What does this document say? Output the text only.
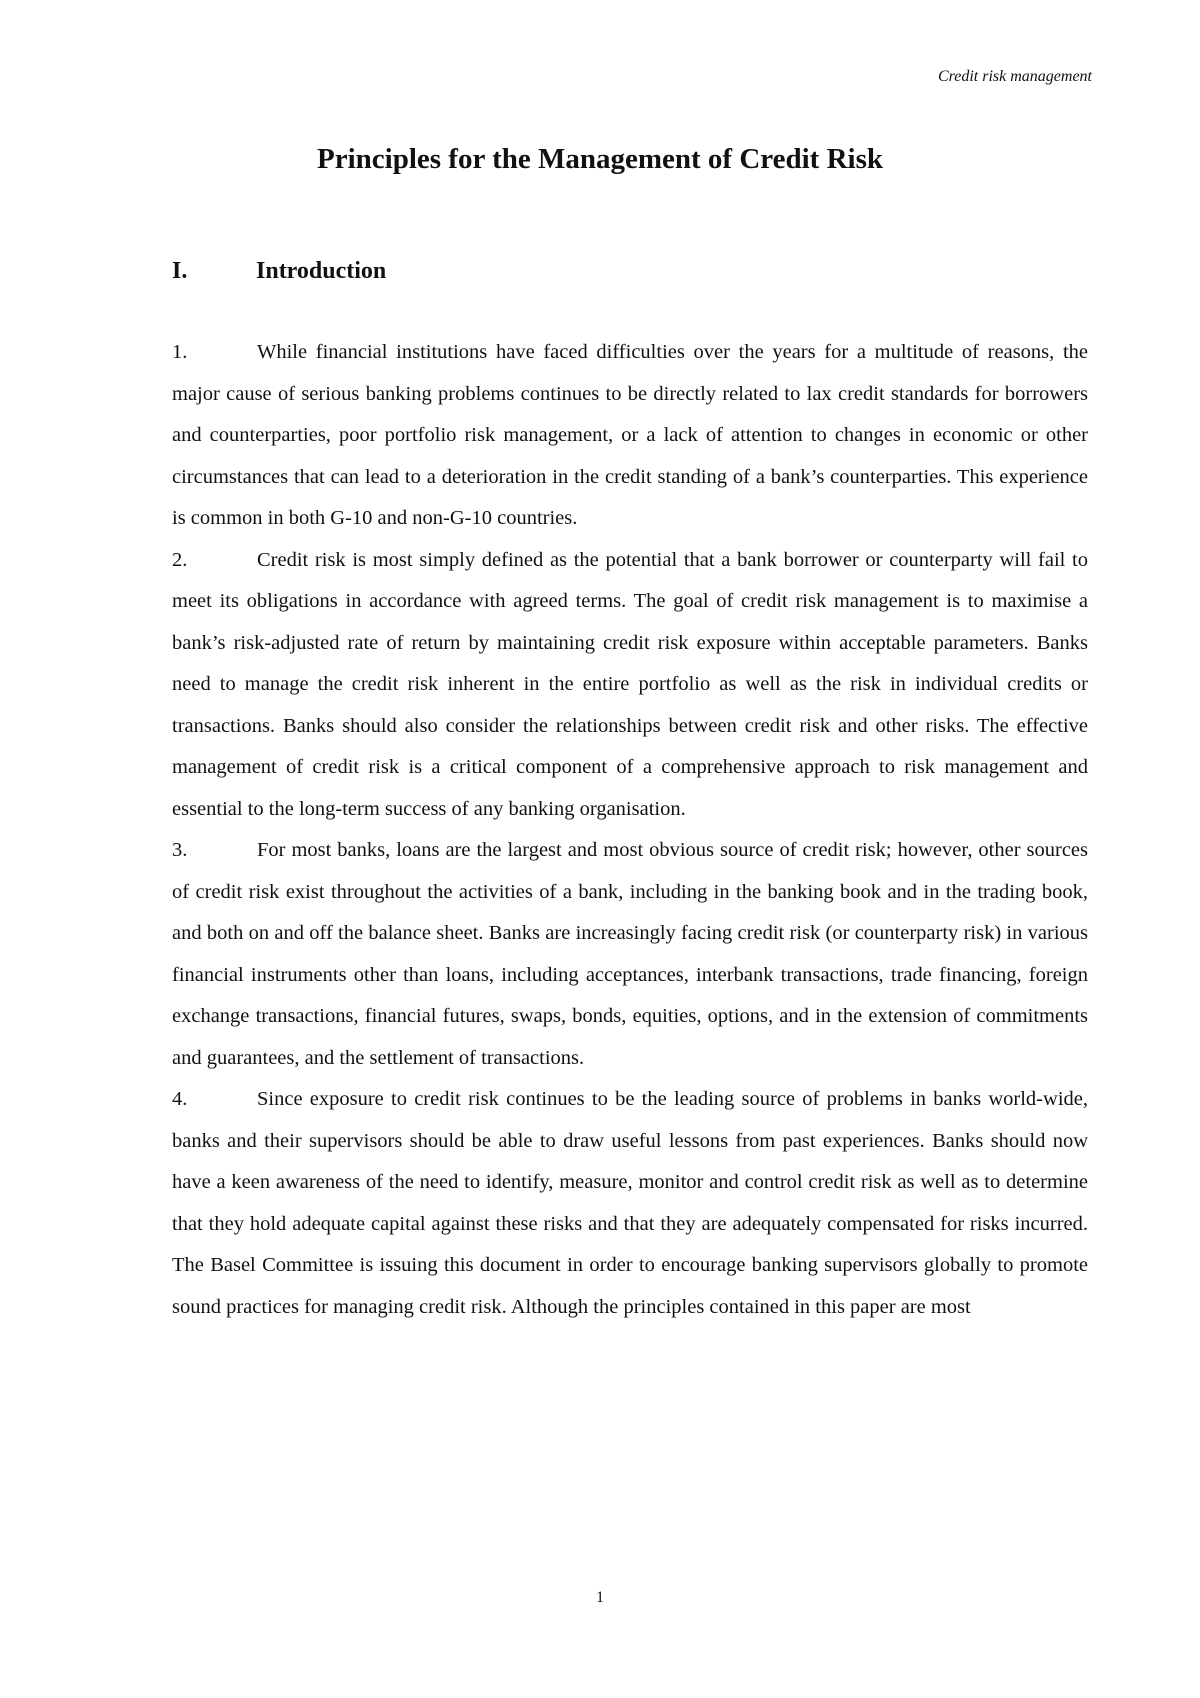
Credit risk management
Principles for the Management of Credit Risk
I.	Introduction

1.	While financial institutions have faced difficulties over the years for a multitude of reasons, the major cause of serious banking problems continues to be directly related to lax credit standards for borrowers and counterparties, poor portfolio risk management, or a lack of attention to changes in economic or other circumstances that can lead to a deterioration in the credit standing of a bank’s counterparties. This experience is common in both G-10 and non-G-10 countries.

2.	Credit risk is most simply defined as the potential that a bank borrower or counterparty will fail to meet its obligations in accordance with agreed terms. The goal of credit risk management is to maximise a bank’s risk-adjusted rate of return by maintaining credit risk exposure within acceptable parameters. Banks need to manage the credit risk inherent in the entire portfolio as well as the risk in individual credits or transactions. Banks should also consider the relationships between credit risk and other risks. The effective management of credit risk is a critical component of a comprehensive approach to risk management and essential to the long-term success of any banking organisation.

3.	For most banks, loans are the largest and most obvious source of credit risk; however, other sources of credit risk exist throughout the activities of a bank, including in the banking book and in the trading book, and both on and off the balance sheet. Banks are increasingly facing credit risk (or counterparty risk) in various financial instruments other than loans, including acceptances, interbank transactions, trade financing, foreign exchange transactions, financial futures, swaps, bonds, equities, options, and in the extension of commitments and guarantees, and the settlement of transactions.

4.	Since exposure to credit risk continues to be the leading source of problems in banks world-wide, banks and their supervisors should be able to draw useful lessons from past experiences. Banks should now have a keen awareness of the need to identify, measure, monitor and control credit risk as well as to determine that they hold adequate capital against these risks and that they are adequately compensated for risks incurred. The Basel Committee is issuing this document in order to encourage banking supervisors globally to promote sound practices for managing credit risk. Although the principles contained in this paper are most

1
